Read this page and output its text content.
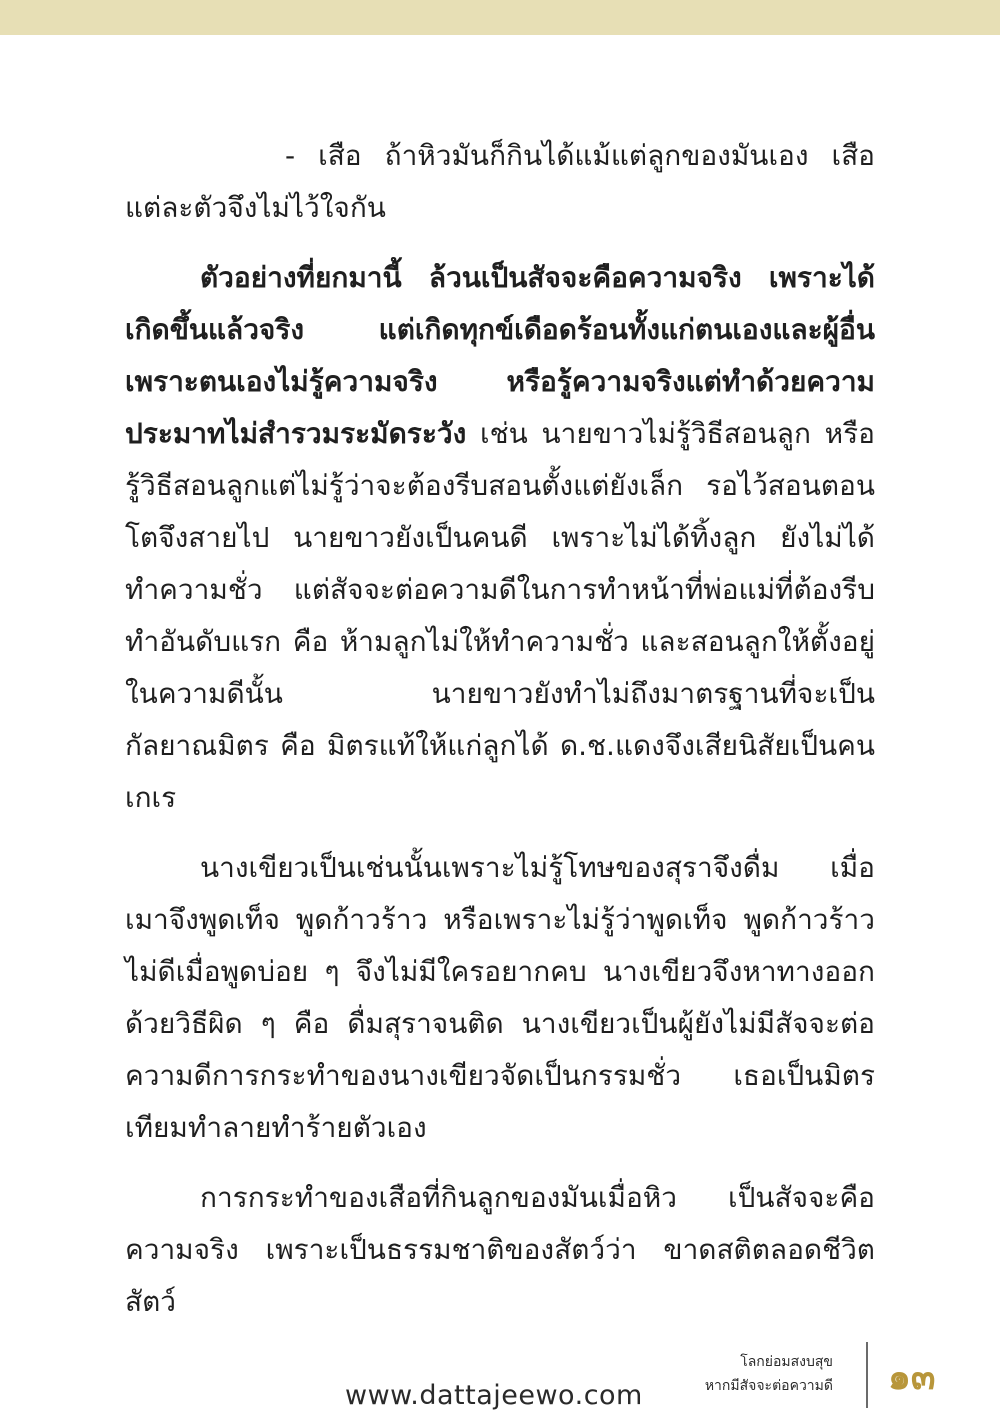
- เสือ ถ้าหิวมันก็กินได้แม้แต่ลูกของมันเอง เสือแต่ละตัวจึงไม่ไว้ใจกัน

ตัวอย่างที่ยกมานี้ ล้วนเป็นสัจจะคือความจริง เพราะได้เกิดขึ้นแล้วจริง แต่เกิดทุกข์เดือดร้อนทั้งแก่ตนเองและผู้อื่น เพราะตนเองไม่รู้ความจริง หรือรู้ความจริงแต่ทำด้วยความประมาทไม่สำรวมระมัดระวัง เช่น นายขาวไม่รู้วิธีสอนลูก หรือรู้วิธีสอนลูกแต่ไม่รู้ว่าจะต้องรีบสอนตั้งแต่ยังเล็ก รอไว้สอนตอนโตจึงสายไป นายขาวยังเป็นคนดี เพราะไม่ได้ทิ้งลูก ยังไม่ได้ทำความชั่ว แต่สัจจะต่อความดีในการทำหน้าที่พ่อแม่ที่ต้องรีบทำอันดับแรก คือ ห้ามลูกไม่ให้ทำความชั่ว และสอนลูกให้ตั้งอยู่ในความดีนั้น นายขาวยังทำไม่ถึงมาตรฐานที่จะเป็นกัลยาณมิตร คือ มิตรแท้ให้แก่ลูกได้ ด.ช.แดงจึงเสียนิสัยเป็นคนเกเร

นางเขียวเป็นเช่นนั้นเพราะไม่รู้โทษของสุราจึงดื่ม เมื่อเมาจึงพูดเท็จ พูดก้าวร้าว หรือเพราะไม่รู้ว่าพูดเท็จ พูดก้าวร้าวไม่ดีเมื่อพูดบ่อย ๆ จึงไม่มีใครอยากคบ นางเขียวจึงหาทางออกด้วยวิธีผิด ๆ คือ ดื่มสุราจนติด นางเขียวเป็นผู้ยังไม่มีสัจจะต่อความดีการกระทำของนางเขียวจัดเป็นกรรมชั่ว เธอเป็นมิตรเทียมทำลายทำร้ายตัวเอง

การกระทำของเสือที่กินลูกของมันเมื่อหิว เป็นสัจจะคือความจริง เพราะเป็นธรรมชาติของสัตว์ว่า ขาดสติตลอดชีวิต สัตว์

www.dattajeewo.com
โลกย่อมสงบสุข
หากมีสัจจะต่อความดี ๑๓
